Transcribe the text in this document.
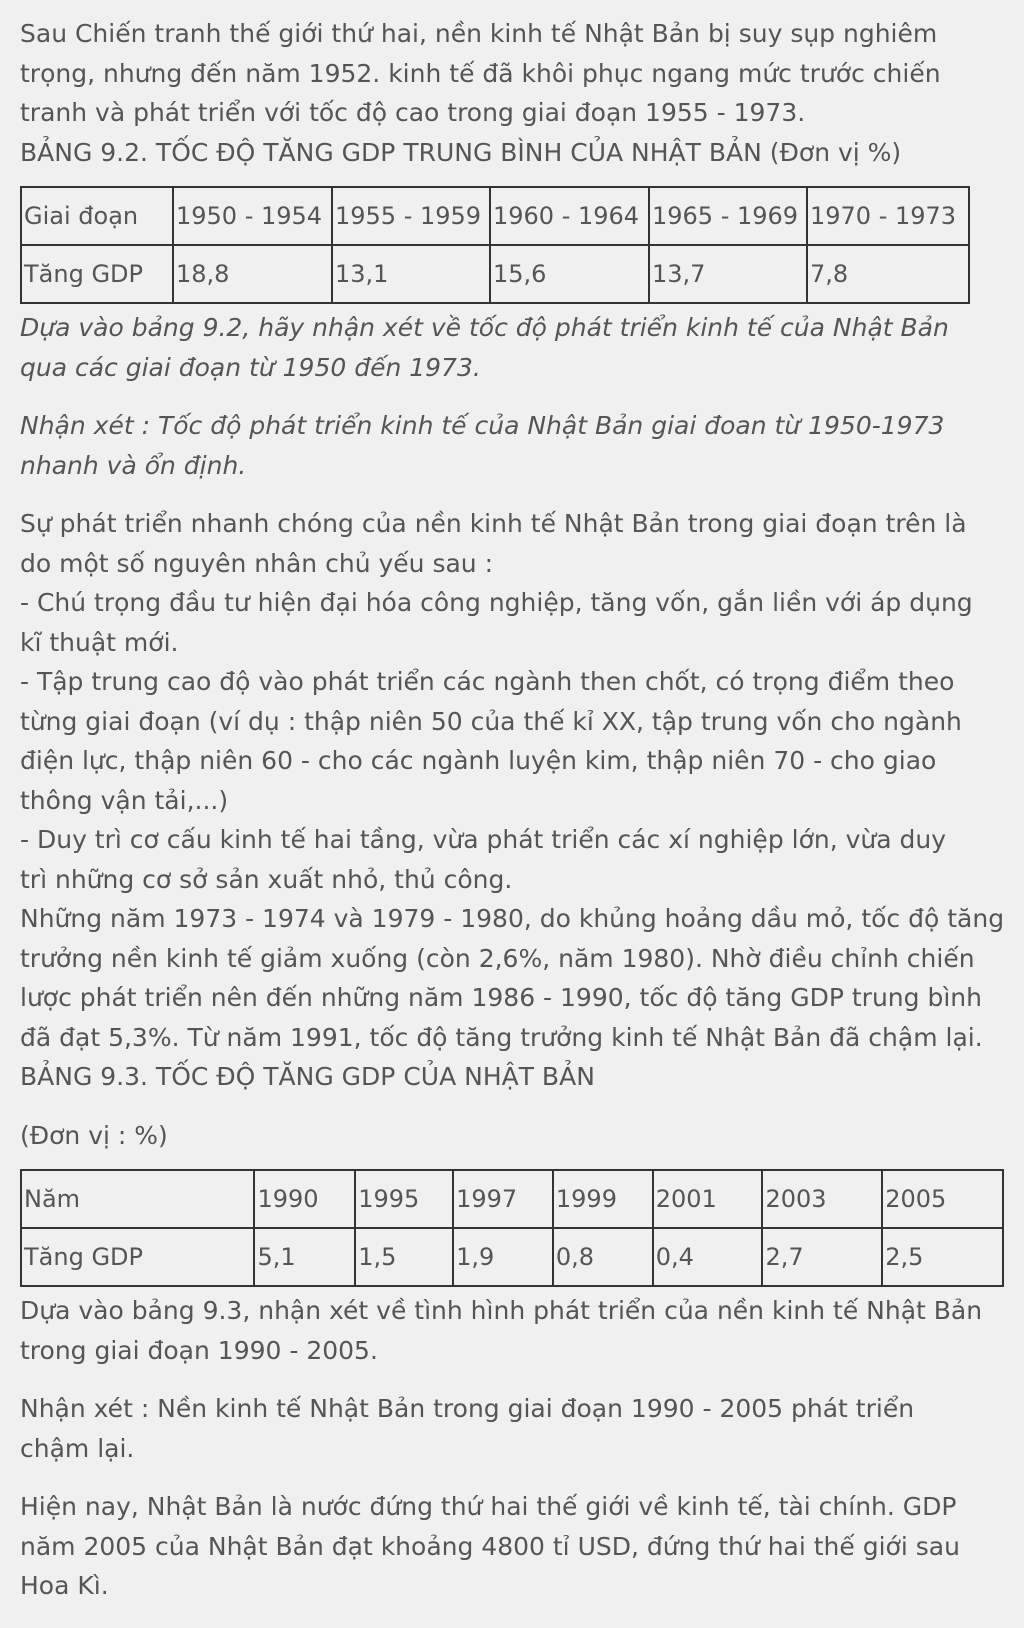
Sau Chiến tranh thế giới thứ hai, nền kinh tế Nhật Bản bị suy sụp nghiêm

trọng, nhưng đến năm 1952. kinh tế đã khôi phục ngang mức trước chiến

tranh và phát triển với tốc độ cao trong giai đoạn 1955 - 1973.

BẢNG 9.2. TỐC ĐỘ TĂNG GDP TRUNG BÌNH CỦA NHẬT BẢN (Đơn vị %)

Giai đoạn	1950 - 1954	1955 - 1959	1960 - 1964	1965 - 1969	1970 - 1973
Tăng GDP	18,8	13,1	15,6	13,7	7,8

Dựa vào bảng 9.2, hãy nhận xét về tốc độ phát triển kinh tế của Nhật Bản

qua các giai đoạn từ 1950 đến 1973.

Nhận xét : Tốc độ phát triển kinh tế của Nhật Bản giai đoan từ 1950-1973

nhanh và ổn định.

Sự phát triển nhanh chóng của nền kinh tế Nhật Bản trong giai đoạn trên là

do một số nguyên nhân chủ yếu sau :

- Chú trọng đầu tư hiện đại hóa công nghiệp, tăng vốn, gắn liền với áp dụng

kĩ thuật mới.

- Tập trung cao độ vào phát triển các ngành then chốt, có trọng điểm theo

từng giai đoạn (ví dụ : thập niên 50 của thế kỉ XX, tập trung vốn cho ngành

điện lực, thập niên 60 - cho các ngành luyện kim, thập niên 70 - cho giao

thông vận tải,...)

- Duy trì cơ cấu kinh tế hai tầng, vừa phát triển các xí nghiệp lớn, vừa duy

trì những cơ sở sản xuất nhỏ, thủ công.

Những năm 1973 - 1974 và 1979 - 1980, do khủng hoảng dầu mỏ, tốc độ tăng

trưởng nền kinh tế giảm xuống (còn 2,6%, năm 1980). Nhờ điều chỉnh chiến

lược phát triển nên đến những năm 1986 - 1990, tốc độ tăng GDP trung bình

đã đạt 5,3%. Từ năm 1991, tốc độ tăng trưởng kinh tế Nhật Bản đã chậm lại.

BẢNG 9.3. TỐC ĐỘ TĂNG GDP CỦA NHẬT BẢN

(Đơn vị : %)

Năm	1990	1995	1997	1999	2001	2003	2005
Tăng GDP	5,1	1,5	1,9	0,8	0,4	2,7	2,5

Dựa vào bảng 9.3, nhận xét về tình hình phát triển của nền kinh tế Nhật Bản

trong giai đoạn 1990 - 2005.

Nhận xét : Nền kinh tế Nhật Bản trong giai đoạn 1990 - 2005 phát triển

chậm lại.

Hiện nay, Nhật Bản là nước đứng thứ hai thế giới về kinh tế, tài chính. GDP

năm 2005 của Nhật Bản đạt khoảng 4800 tỉ USD, đứng thứ hai thế giới sau

Hoa Kì.
